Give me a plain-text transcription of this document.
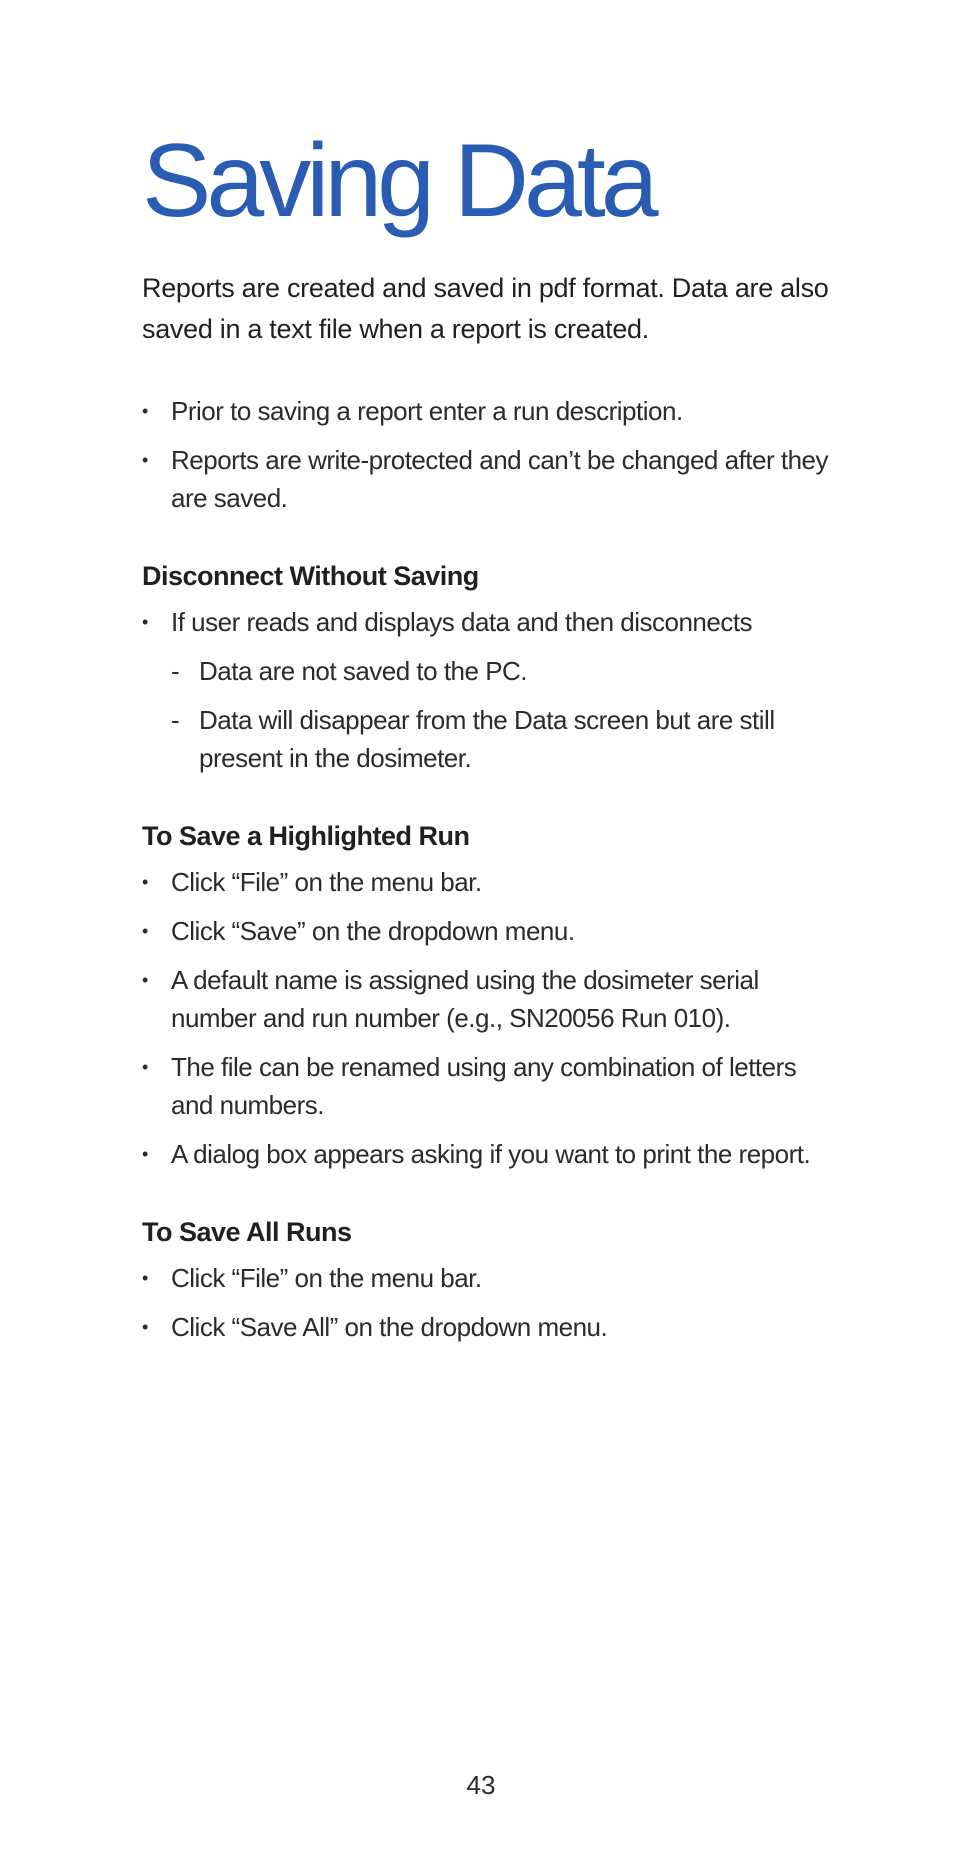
Saving Data

Reports are created and saved in pdf format. Data are also saved in a text file when a report is created.

• Prior to saving a report enter a run description.
• Reports are write-protected and can’t be changed after they are saved.
Disconnect Without Saving
• If user reads and displays data and then disconnects
- Data are not saved to the PC.
- Data will disappear from the Data screen but are still present in the dosimeter.
To Save a Highlighted Run
• Click “File” on the menu bar.
• Click “Save” on the dropdown menu.
• A default name is assigned using the dosimeter serial number and run number (e.g., SN20056 Run 010).
• The file can be renamed using any combination of letters and numbers.
• A dialog box appears asking if you want to print the report.
To Save All Runs
• Click “File” on the menu bar.
• Click “Save All” on the dropdown menu.
43
